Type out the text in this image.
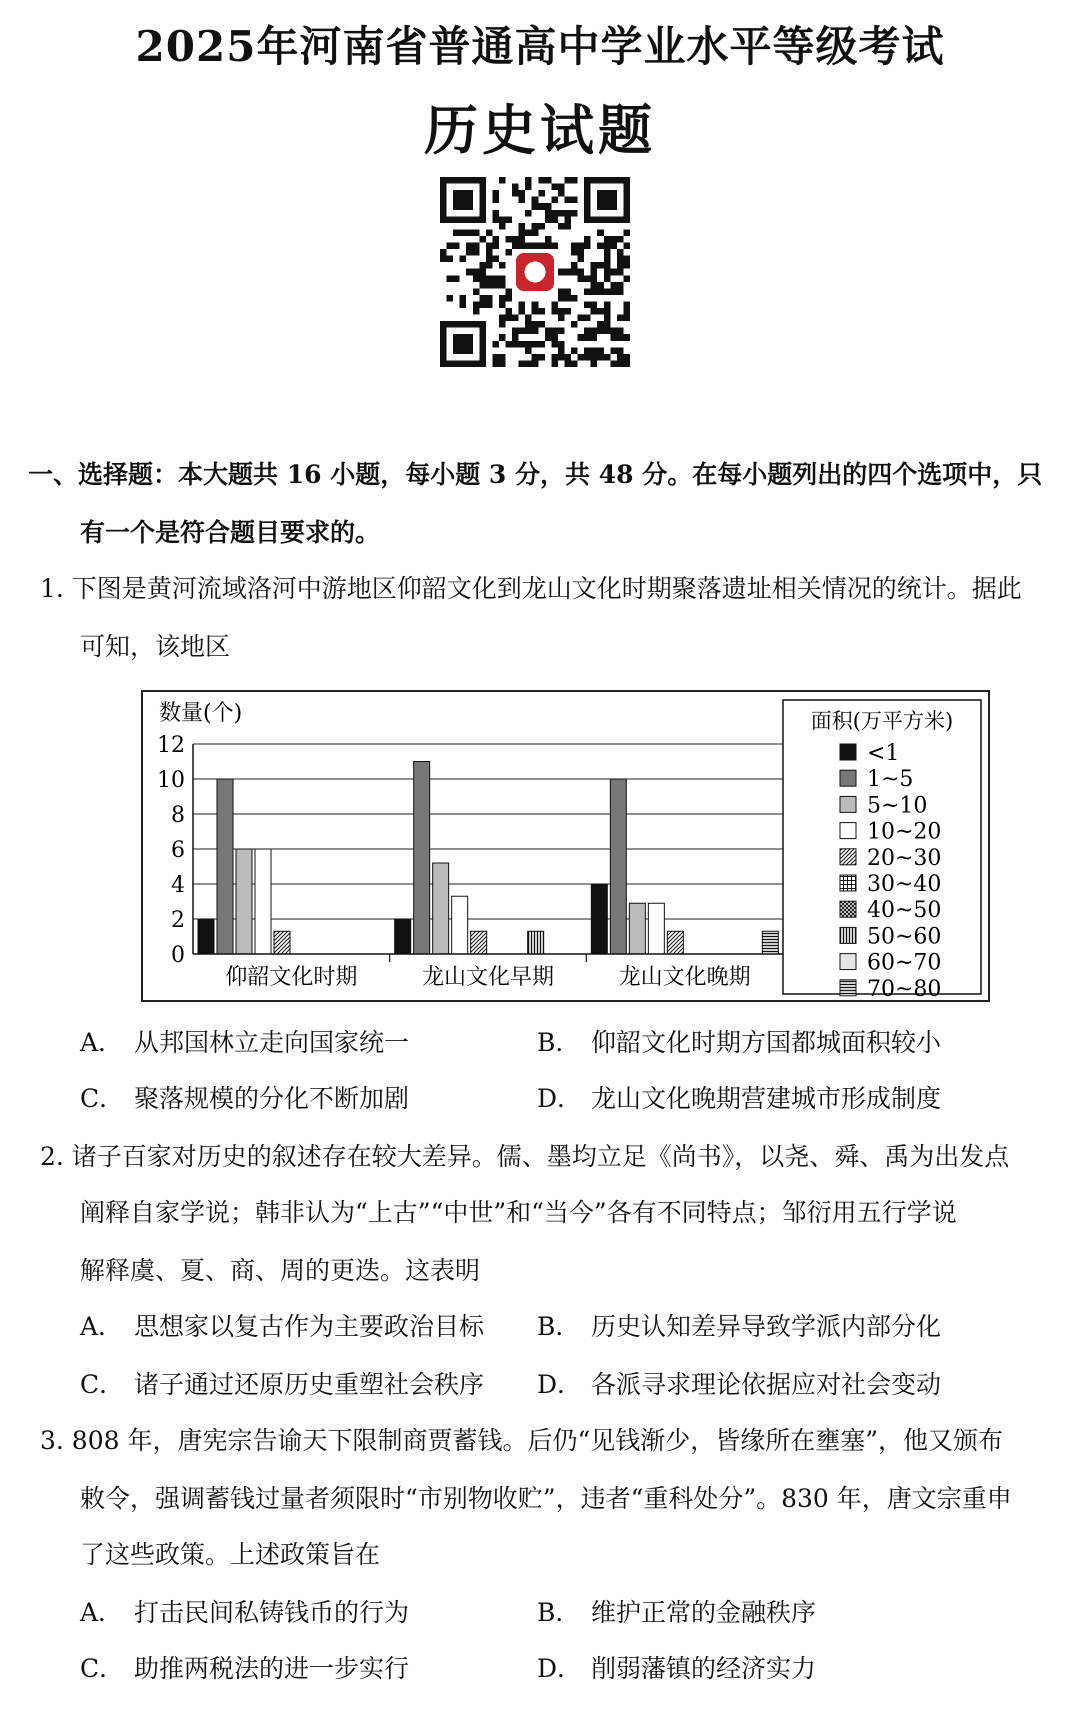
2025年河南省普通高中学业水平等级考试
历史试题
一、选择题：本大题共 16 小题，每小题 3 分，共 48 分。在每小题列出的四个选项中，只
有一个是符合题目要求的。
1. 下图是黄河流域洛河中游地区仰韶文化到龙山文化时期聚落遗址相关情况的统计。据此
可知，该地区
数量(个)
0
2
4
6
8
10
12
仰韶文化时期	龙山文化早期	龙山文化晚期
面积(万平方米)
<1
1~5
5~10
10~20
20~30
30~40
40~50
50~60
60~70
70~80
A． 从邦国林立走向国家统一	B． 仰韶文化时期方国都城面积较小
C． 聚落规模的分化不断加剧	D． 龙山文化晚期营建城市形成制度
2. 诸子百家对历史的叙述存在较大差异。儒、墨均立足《尚书》，以尧、舜、禹为出发点
阐释自家学说；韩非认为“上古”“中世”和“当今”各有不同特点；邹衍用五行学说
解释虞、夏、商、周的更迭。这表明
A． 思想家以复古作为主要政治目标 B． 历史认知差异导致学派内部分化
C． 诸子通过还原历史重塑社会秩序 D． 各派寻求理论依据应对社会变动
3. 808 年，唐宪宗告谕天下限制商贾蓄钱。后仍“见钱渐少，皆缘所在壅塞”，他又颁布
敕令，强调蓄钱过量者须限时“市别物收贮”，违者“重科处分”。830 年，唐文宗重申
了这些政策。上述政策旨在
A． 打击民间私铸钱币的行为	B． 维护正常的金融秩序
C． 助推两税法的进一步实行	D． 削弱藩镇的经济实力
